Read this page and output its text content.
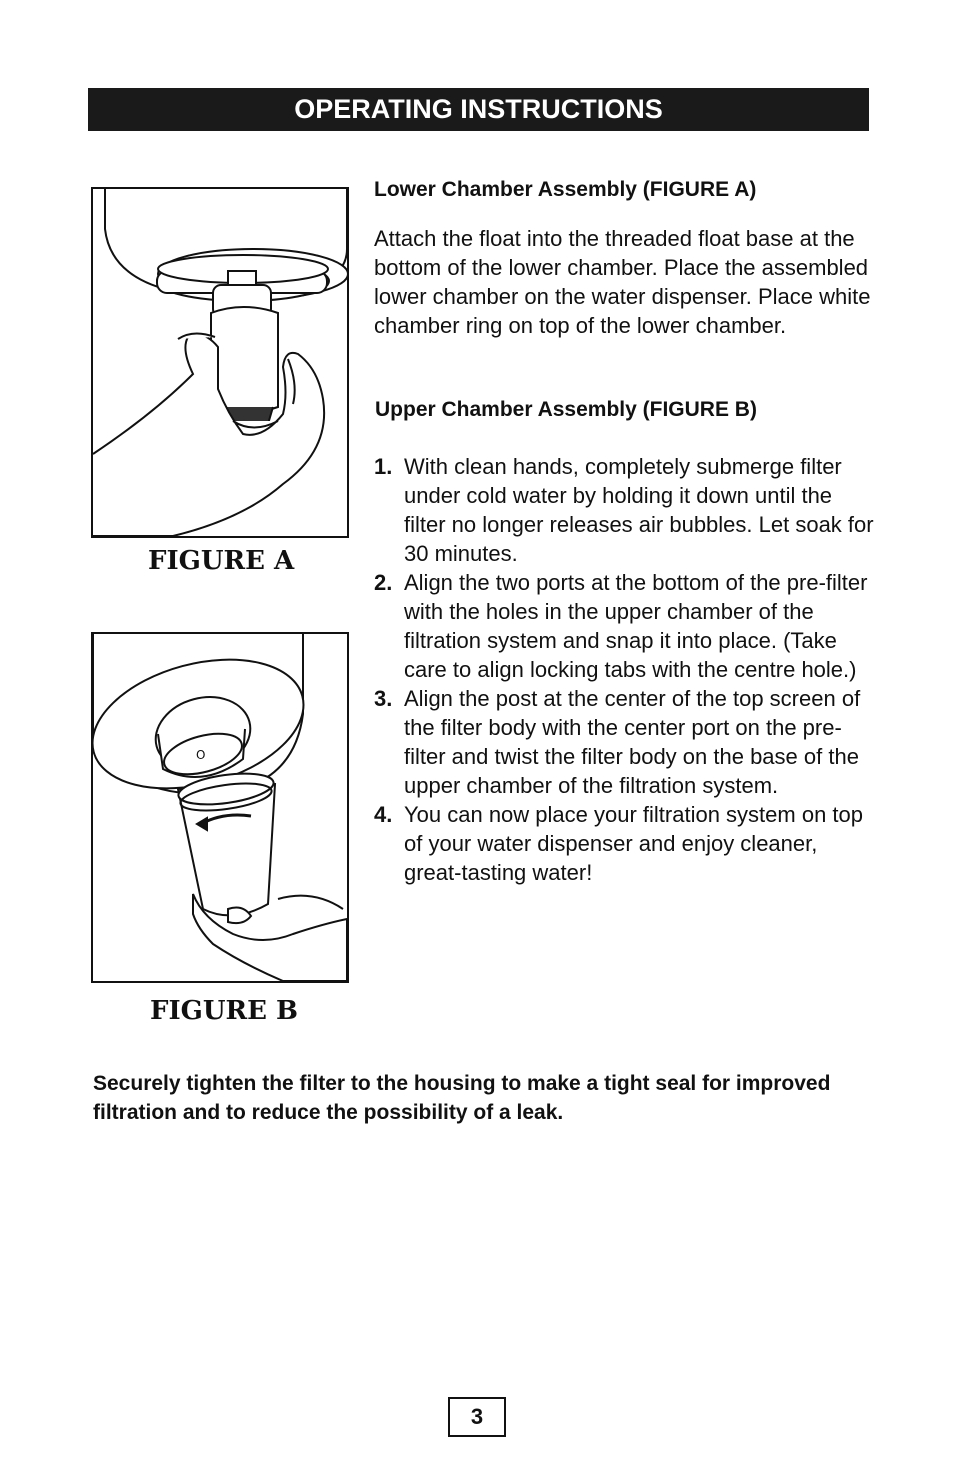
OPERATING INSTRUCTIONS
FIGURE A
O
FIGURE B
Lower Chamber Assembly (FIGURE A)

Attach the float into the threaded float base at the bottom of the lower chamber. Place the assembled lower chamber on the water dispenser. Place white chamber ring on top of the lower chamber.

Upper Chamber Assembly (FIGURE B)
1. With clean hands, completely submerge filter under cold water by holding it down until the filter no longer releases air bubbles. Let soak for 30 minutes.
2. Align the two ports at the bottom of the pre-filter with the holes in the upper chamber of the filtration system and snap it into place. (Take care to align locking tabs with the centre hole.)
3. Align the post at the center of the top screen of the filter body with the center port on the pre-filter and twist the filter body on the base of the upper chamber of the filtration system.
4. You can now place your filtration system on top of your water dispenser and enjoy cleaner, great-tasting water!

Securely tighten the filter to the housing to make a tight seal for improved filtration and to reduce the possibility of a leak.

3
